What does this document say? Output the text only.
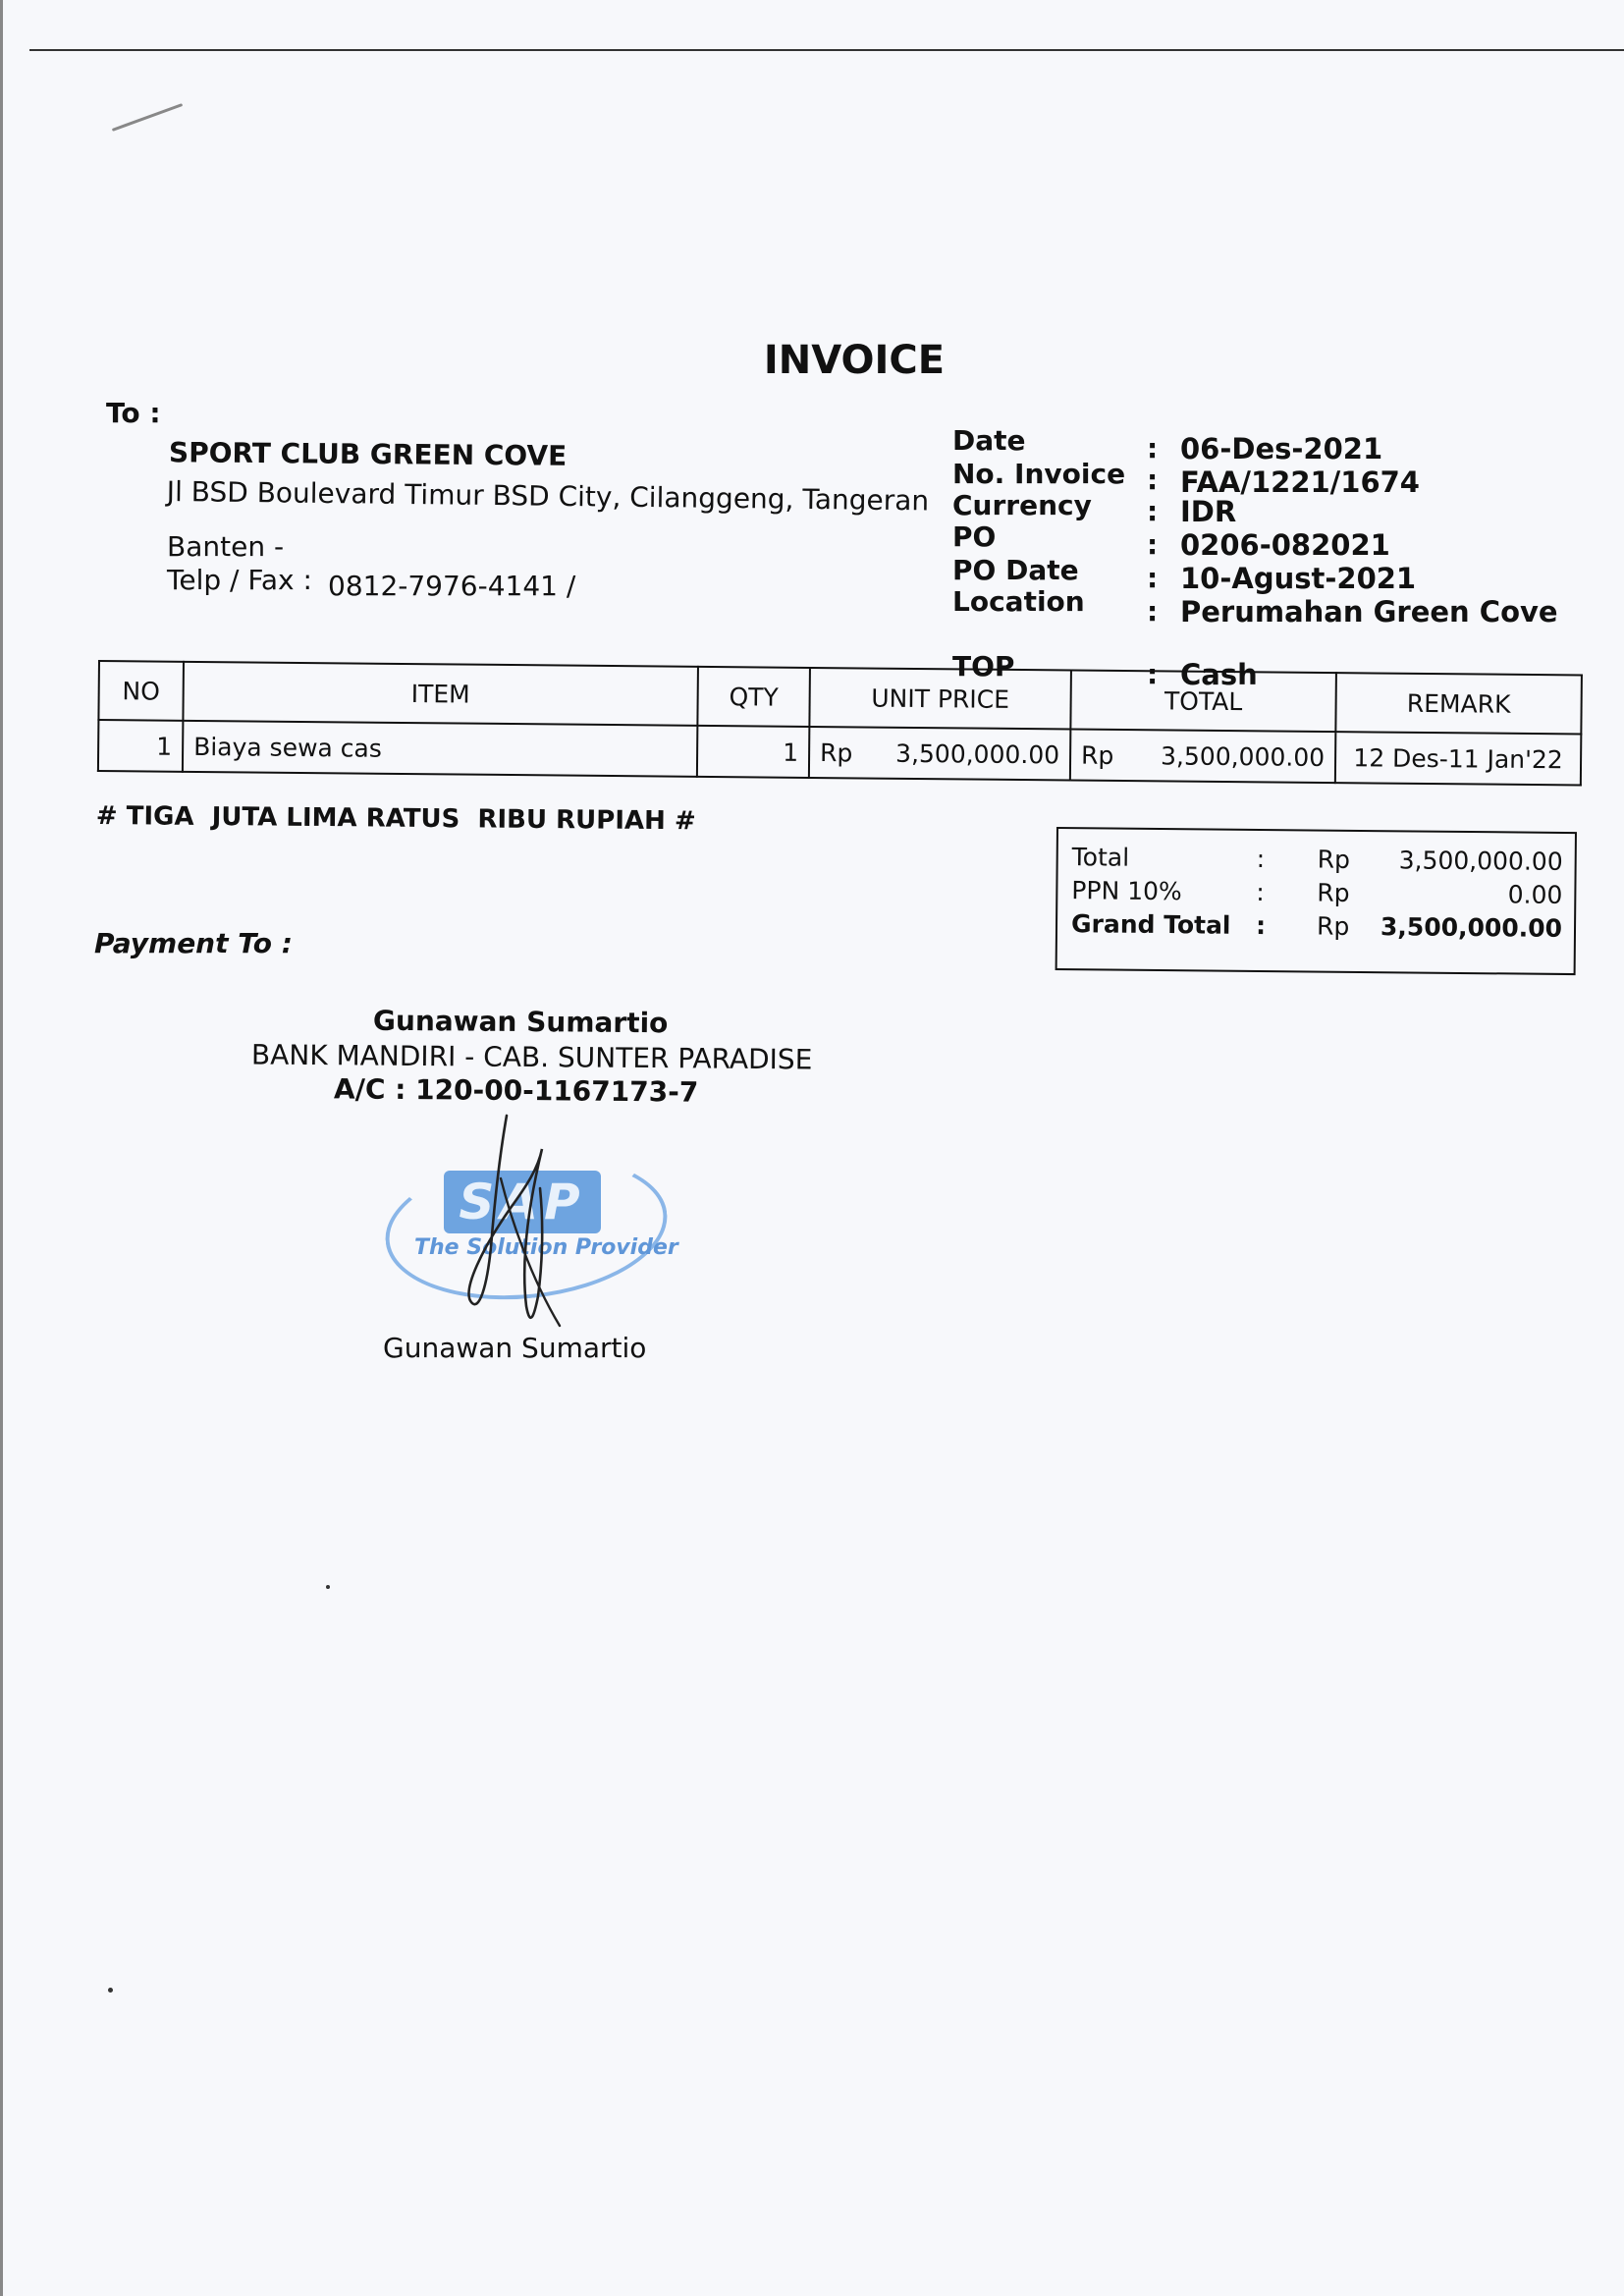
INVOICE
To :
SPORT CLUB GREEN COVE
Jl BSD Boulevard Timur BSD City, Cilanggeng, Tangeran
Banten -
Telp / Fax : 0812-7976-4141 /
Date	: 06-Des-2021
No. Invoice : FAA/1221/1674
Currency : IDR
PO	: 0206-082021
PO Date : 10-Agust-2021
Location : Perumahan Green Cove
TOP	: Cash
NO	ITEM	QTY	UNIT PRICE	TOTAL	REMARK
1	Biaya sewa cas	1	Rp 3,500,000.00	Rp 3,500,000.00	12 Des-11 Jan'22
# TIGA  JUTA LIMA RATUS  RIBU RUPIAH #
Total	: Rp 3,500,000.00
PPN 10%	: Rp	0.00
Grand Total : Rp 3,500,000.00
Payment To :
Gunawan Sumartio
BANK MANDIRI - CAB. SUNTER PARADISE
A/C : 120-00-1167173-7
SAP
The Solution Provider
Gunawan Sumartio
